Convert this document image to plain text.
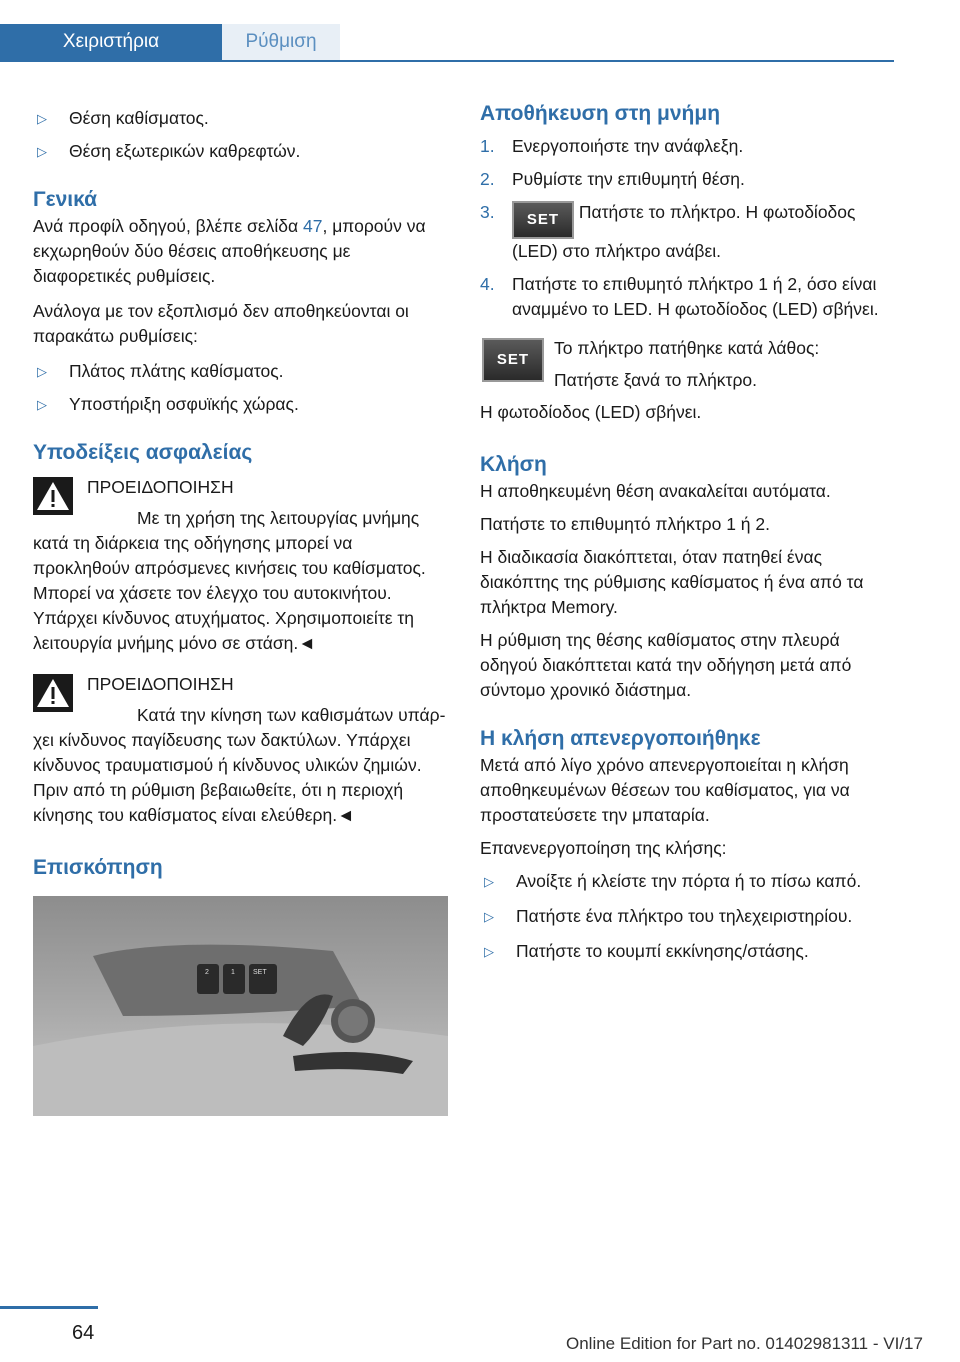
Χειριστήρια	Ρύθμιση
▷ Θέση καθίσματος.
▷ Θέση εξωτερικών καθρεφτών.
Γενικά

Ανά προφίλ οδηγού, βλέπε σελίδα 47, μπορούν να εκχωρηθούν δύο θέσεις αποθήκευσης με διαφορετικές ρυθμίσεις.

Ανάλογα με τον εξοπλισμό δεν αποθηκεύονται οι παρακάτω ρυθμίσεις:

▷ Πλάτος πλάτης καθίσματος.
▷ Υποστήριξη οσφυϊκής χώρας.
Υποδείξεις ασφαλείας
ΠΡΟΕΙΔΟΠΟΙΗΣΗ
Με τη χρήση της λειτουργίας μνήμης κατά τη διάρκεια της οδήγησης μπορεί να προκληθούν απρόσμενες κινήσεις του καθίσματος. Μπορεί να χάσετε τον έλεγχο του αυτοκινήτου. Υπάρχει κίνδυνος ατυχήματος. Χρησιμοποιείτε τη λειτουργία μνήμης μόνο σε στάση.◄
ΠΡΟΕΙΔΟΠΟΙΗΣΗ
Κατά την κίνηση των καθισμάτων υπάρχει κίνδυνος παγίδευσης των δακτύλων. Υπάρχει κίνδυνος τραυματισμού ή κίνδυνος υλικών ζημιών. Πριν από τη ρύθμιση βεβαιωθείτε, ότι η περιοχή κίνησης του καθίσματος είναι ελεύθερη.◄
Επισκόπηση
2	1	SET
Αποθήκευση στη μνήμη
1. Ενεργοποιήστε την ανάφλεξη.
2. Ρυθμίστε την επιθυμητή θέση.
3. SET Πατήστε το πλήκτρο. Η φωτοδίοδος (LED) στο πλήκτρο ανάβει.
4. Πατήστε το επιθυμητό πλήκτρο 1 ή 2, όσο είναι αναμμένο το LED. Η φωτοδίοδος (LED) σβήνει.
SET
Το πλήκτρο πατήθηκε κατά λάθος:
Πατήστε ξανά το πλήκτρο.

Η φωτοδίοδος (LED) σβήνει.

Κλήση

Η αποθηκευμένη θέση ανακαλείται αυτόματα.

Πατήστε το επιθυμητό πλήκτρο 1 ή 2.

Η διαδικασία διακόπτεται, όταν πατηθεί ένας διακόπτης της ρύθμισης καθίσματος ή ένα από τα πλήκτρα Memory.

Η ρύθμιση της θέσης καθίσματος στην πλευρά οδηγού διακόπτεται κατά την οδήγηση μετά από σύντομο χρονικό διάστημα.

Η κλήση απενεργοποιήθηκε

Μετά από λίγο χρόνο απενεργοποιείται η κλήση αποθηκευμένων θέσεων του καθίσματος, για να προστατεύσετε την μπαταρία.

Επανενεργοποίηση της κλήσης:

▷ Ανοίξτε ή κλείστε την πόρτα ή το πίσω καπό.
▷ Πατήστε ένα πλήκτρο του τηλεχειριστηρίου.
▷ Πατήστε το κουμπί εκκίνησης/στάσης.
64	Online Edition for Part no. 01402981311 - VI/17
